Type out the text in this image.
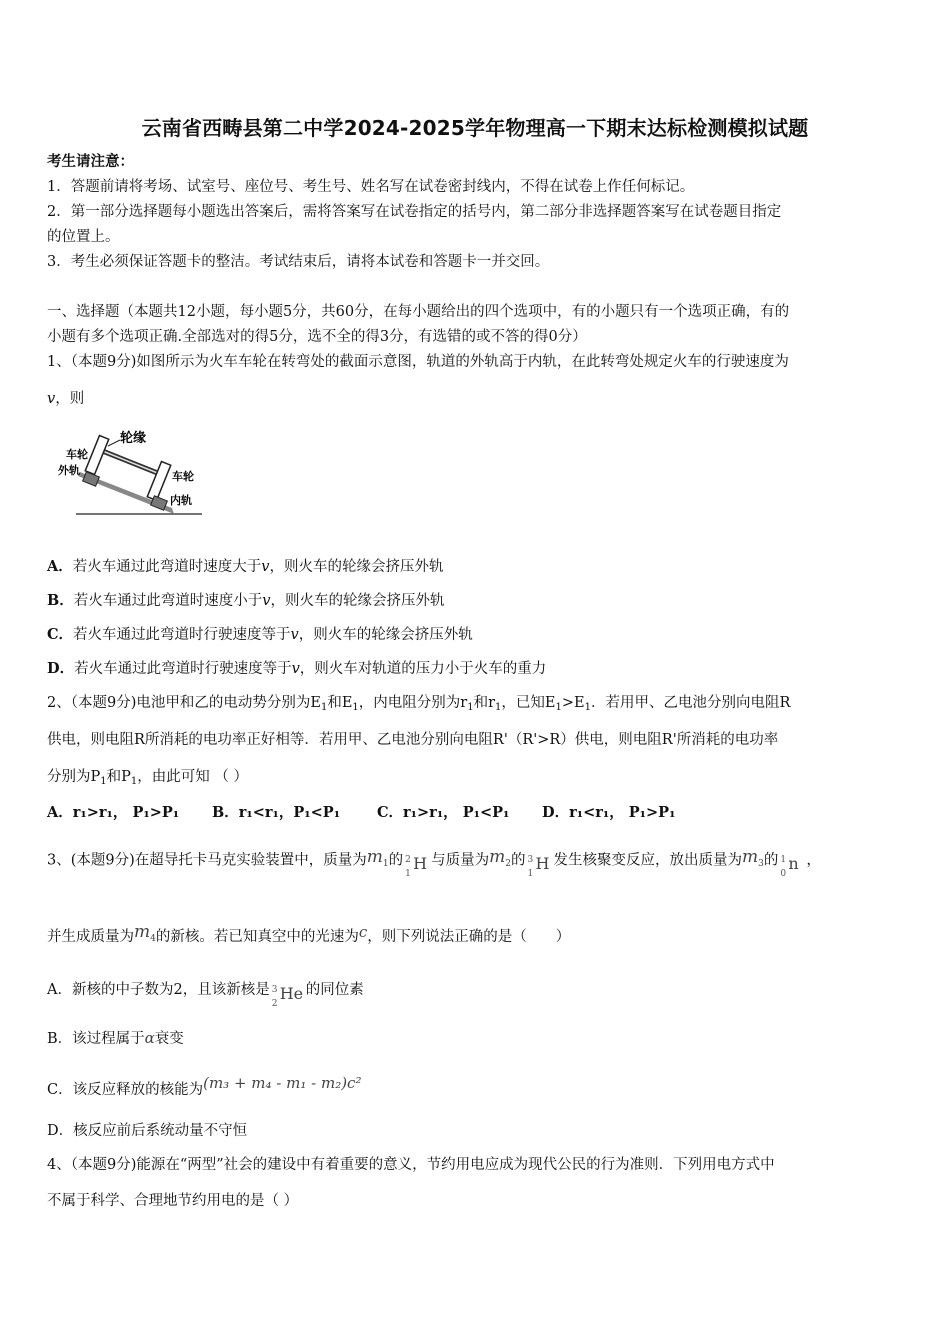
云南省西畴县第二中学2024-2025学年物理高一下期末达标检测模拟试题
考生请注意：
1．答题前请将考场、试室号、座位号、考生号、姓名写在试卷密封线内，不得在试卷上作任何标记。
2．第一部分选择题每小题选出答案后，需将答案写在试卷指定的括号内，第二部分非选择题答案写在试卷题目指定
的位置上。
3．考生必须保证答题卡的整洁。考试结束后，请将本试卷和答题卡一并交回。
一、选择题（本题共12小题，每小题5分，共60分，在每小题给出的四个选项中，有的小题只有一个选项正确，有的
小题有多个选项正确.全部选对的得5分，选不全的得3分，有选错的或不答的得0分）
1、（本题9分)如图所示为火车车轮在转弯处的截面示意图，轨道的外轨高于内轨，在此转弯处规定火车的行驶速度为
v，则
轮缘
车轮
外轨	车轮
内轨
A．若火车通过此弯道时速度大于v，则火车的轮缘会挤压外轨
B．若火车通过此弯道时速度小于v，则火车的轮缘会挤压外轨
C．若火车通过此弯道时行驶速度等于v，则火车的轮缘会挤压外轨
D．若火车通过此弯道时行驶速度等于v，则火车对轨道的压力小于火车的重力
2、（本题9分)电池甲和乙的电动势分别为$E_1$和$E_1$，内电阻分别为$r_1$和$r_1$，已知$E_1>E_1$．若用甲、乙电池分别向电阻R
供电，则电阻R所消耗的电功率正好相等．若用甲、乙电池分别向电阻R'（R'>R）供电，则电阻R'所消耗的电功率
分别为$P_1$和$P_1$，由此可知 （ ）
A．r₁>r₁， P₁>P₁ B．r₁<r₁，P₁<P₁	C．r₁>r₁， P₁<P₁ D．r₁<r₁， P₁>P₁
3、(本题9分)在超导托卡马克实验装置中，质量为$m_1$的 2
1
H 与质量为$m_2$的 3
1
H 发生核聚变反应，放出质量为$m_3$的 1
0
n ，
并生成质量为$m_4$的新核。若已知真空中的光速为c，则下列说法正确的是（　　）
A．新核的中子数为2，且该新核是 3
2
He 的同位素
B．该过程属于α衰变
C．该反应释放的核能为(m₃ + m₄ - m₁ - m₂)c²
D．核反应前后系统动量不守恒
4、（本题9分)能源在“两型”社会的建设中有着重要的意义，节约用电应成为现代公民的行为准则．下列用电方式中
不属于科学、合理地节约用电的是（ ）
